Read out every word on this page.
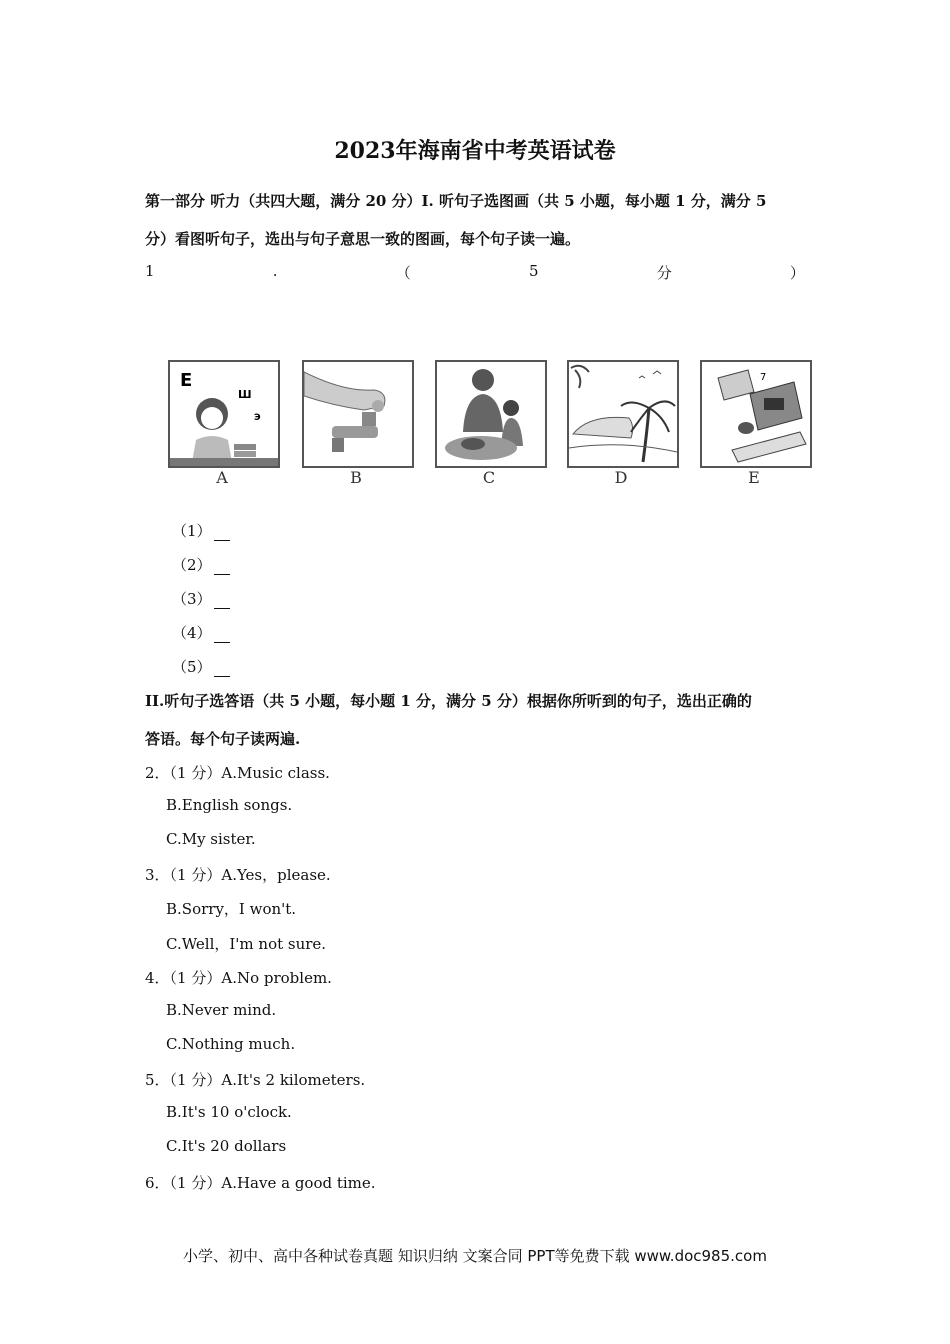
2023年海南省中考英语试卷
第一部分 听力（共四大题，满分 20 分）I. 听句子选图画（共 5 小题，每小题 1 分，满分 5
分）看图听句子，选出与句子意思一致的图画，每个句子读一遍。
1	.	（	5	分	）
E
Ш
Э
A	B	C	D
7
E
（1）
（2）
（3）
（4）
（5）
II.听句子选答语（共 5 小题，每小题 1 分，满分 5 分）根据你所听到的句子，选出正确的
答语。每个句子读两遍.
2．（1 分）A.Music class.
B.English songs.
C.My sister.
3．（1 分）A.Yes，please.
B.Sorry，I won't.
C.Well，I'm not sure.
4．（1 分）A.No problem.
B.Never mind.
C.Nothing much.
5．（1 分）A.It's 2 kilometers.
B.It's 10 o'clock.
C.It's 20 dollars
6．（1 分）A.Have a good time.
小学、初中、高中各种试卷真题 知识归纳 文案合同 PPT等免费下载 www.doc985.com
